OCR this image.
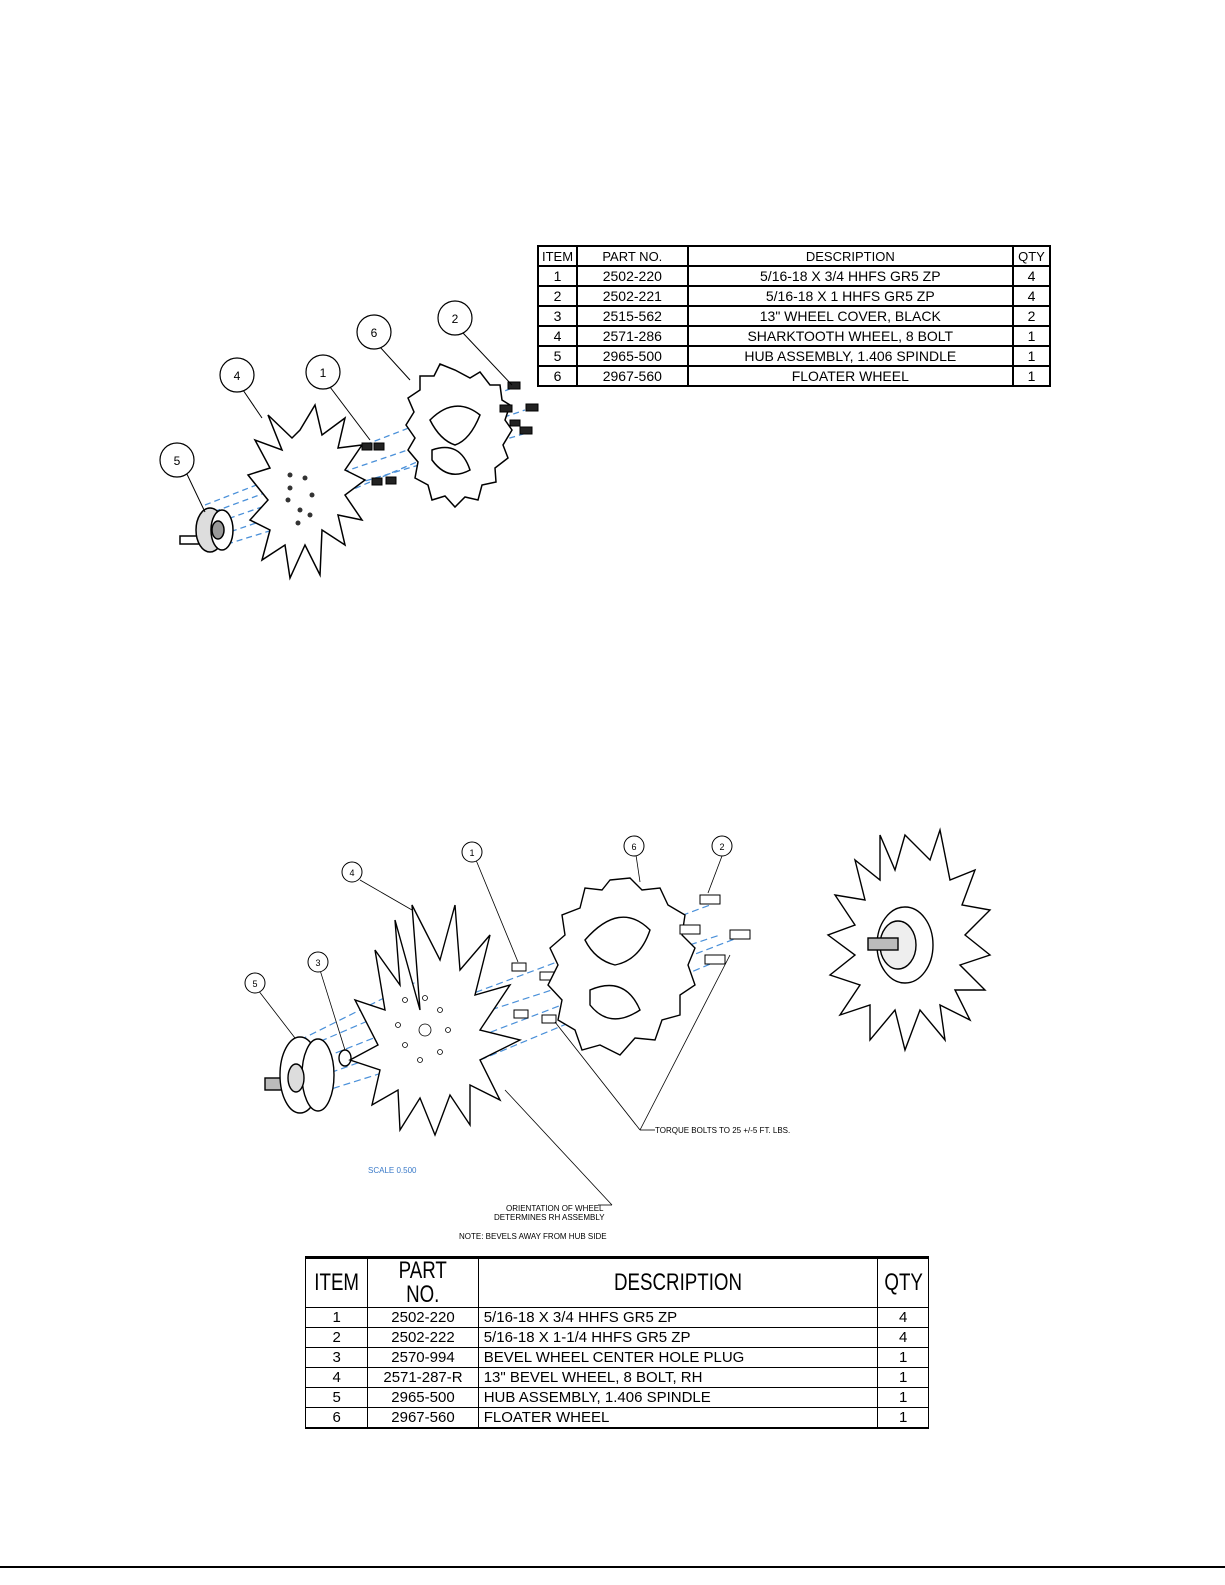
5
4	1
6
2
ITEM	PART NO.	DESCRIPTION	QTY
1	2502-220	5/16-18 X 3/4 HHFS GR5 ZP	4
2	2502-221	5/16-18 X 1 HHFS GR5 ZP	4
3	2515-562	13" WHEEL COVER, BLACK	2
4	2571-286	SHARKTOOTH WHEEL, 8 BOLT	1
5	2965-500	HUB ASSEMBLY, 1.406 SPINDLE	1
6	2967-560	FLOATER WHEEL	1
5
3
4
1
6	2
TORQUE BOLTS TO 25 +/-5 FT. LBS.
SCALE 0.500
ORIENTATION OF WHEEL
DETERMINES RH ASSEMBLY
NOTE: BEVELS AWAY FROM HUB SIDE
ITEM	PART NO.	DESCRIPTION	QTY
1	2502-220	5/16-18 X 3/4 HHFS GR5 ZP	4
2	2502-222	5/16-18 X 1-1/4 HHFS GR5 ZP	4
3	2570-994	BEVEL WHEEL CENTER HOLE PLUG	1
4	2571-287-R	13" BEVEL WHEEL, 8 BOLT, RH	1
5	2965-500	HUB ASSEMBLY, 1.406 SPINDLE	1
6	2967-560	FLOATER WHEEL	1
